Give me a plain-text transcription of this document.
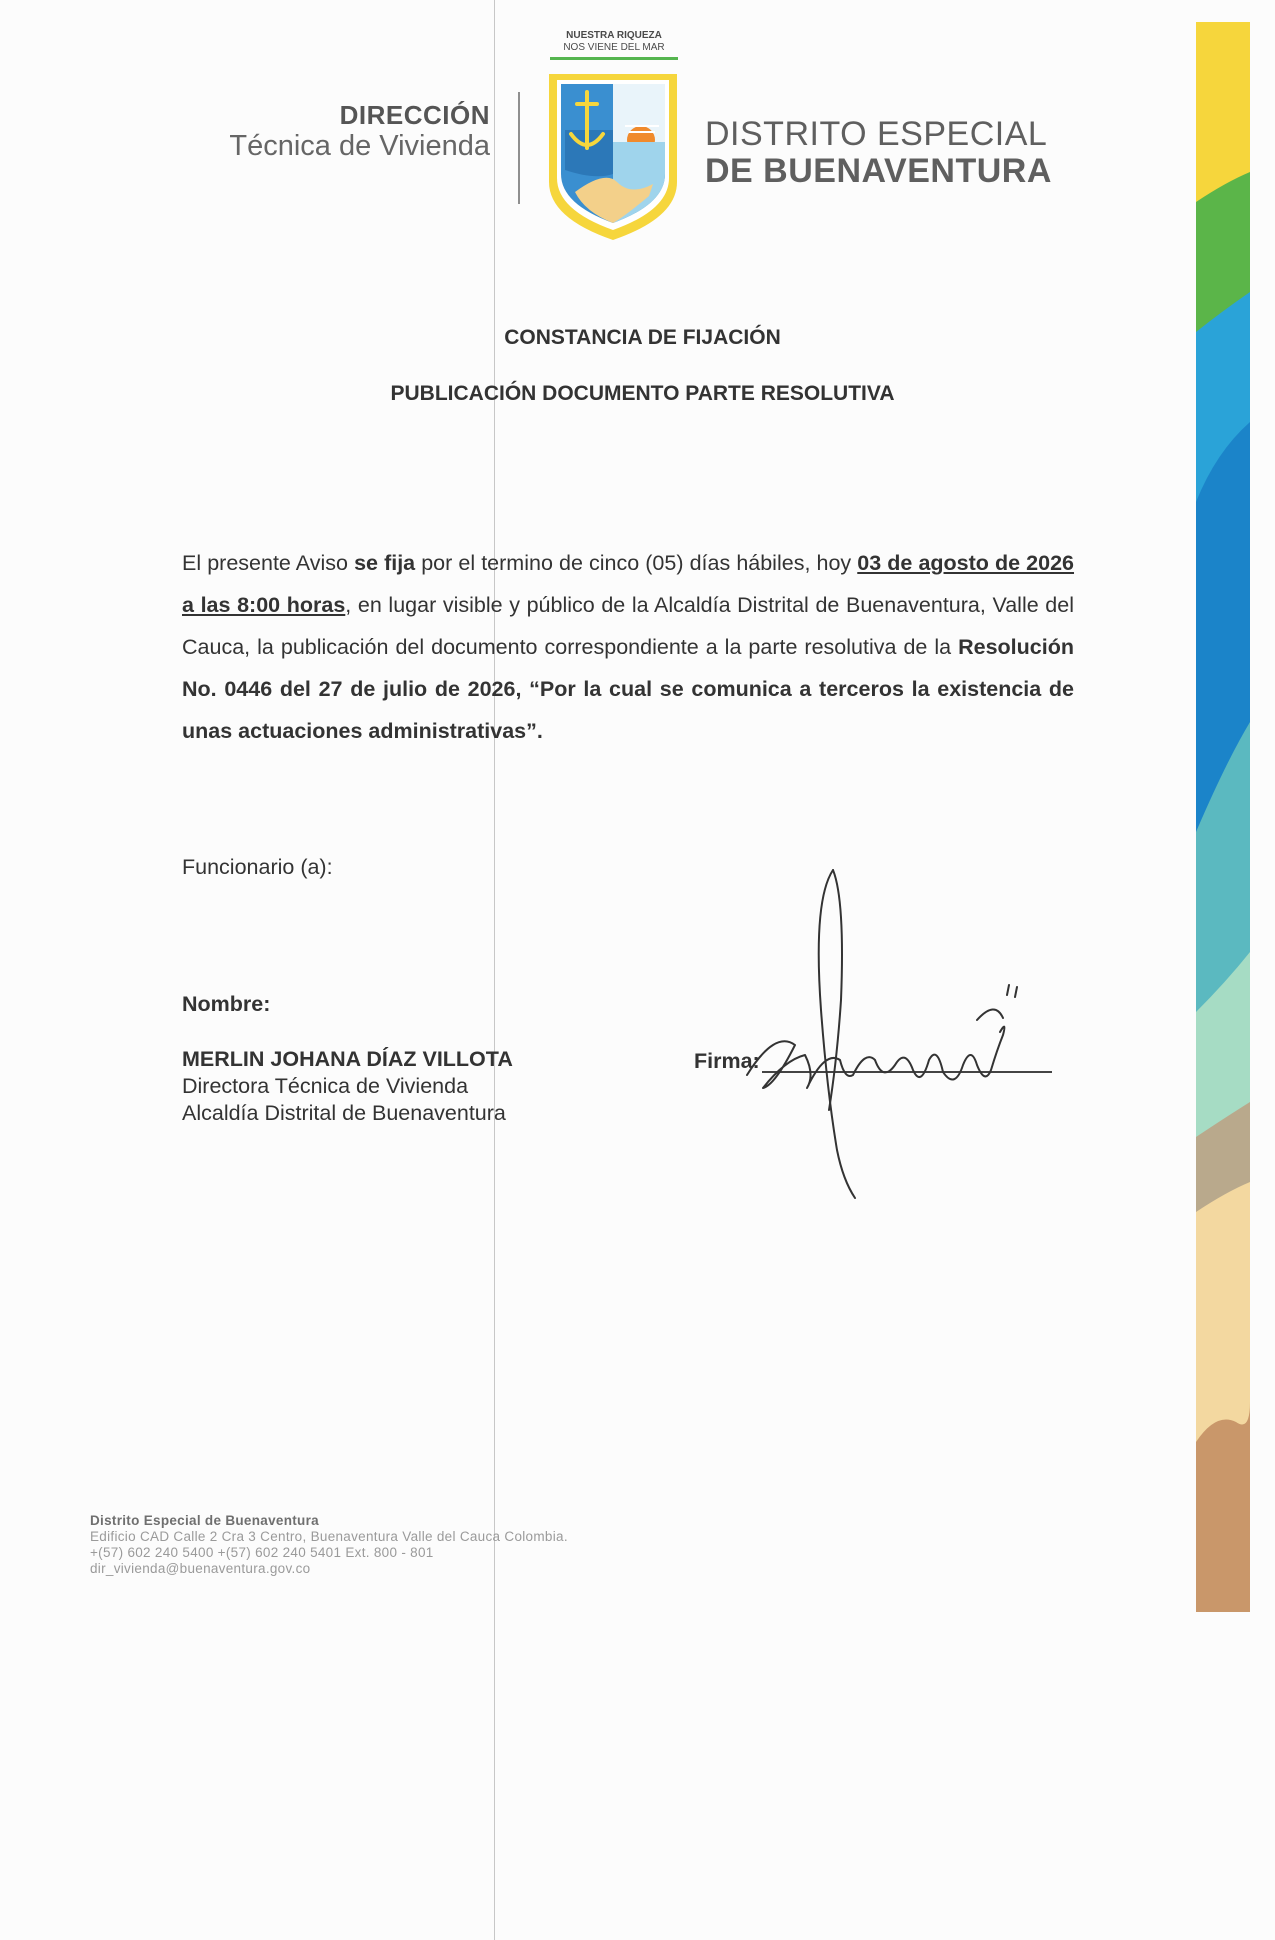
DIRECCIÓN
Técnica de Vivienda
NUESTRA RIQUEZA
NOS VIENE DEL MAR
DISTRITO ESPECIAL
DE BUENAVENTURA
CONSTANCIA DE FIJACIÓN
PUBLICACIÓN DOCUMENTO PARTE RESOLUTIVA
El presente Aviso se fija por el termino de cinco (05) días hábiles, hoy 03 de agosto de 2026 a las 8:00 horas, en lugar visible y público de la Alcaldía Distrital de Buenaventura, Valle del Cauca, la publicación del documento correspondiente a la parte resolutiva de la Resolución No. 0446 del 27 de julio de 2026, “Por la cual se comunica a terceros la existencia de unas actuaciones administrativas”.
Funcionario (a):
Nombre:
MERLIN JOHANA DÍAZ VILLOTA
Directora Técnica de Vivienda
Alcaldía Distrital de Buenaventura
Firma:
Distrito Especial de Buenaventura
Edificio CAD Calle 2 Cra 3 Centro, Buenaventura Valle del Cauca Colombia.
+(57) 602 240 5400 +(57) 602 240 5401 Ext. 800 - 801
dir_vivienda@buenaventura.gov.co
